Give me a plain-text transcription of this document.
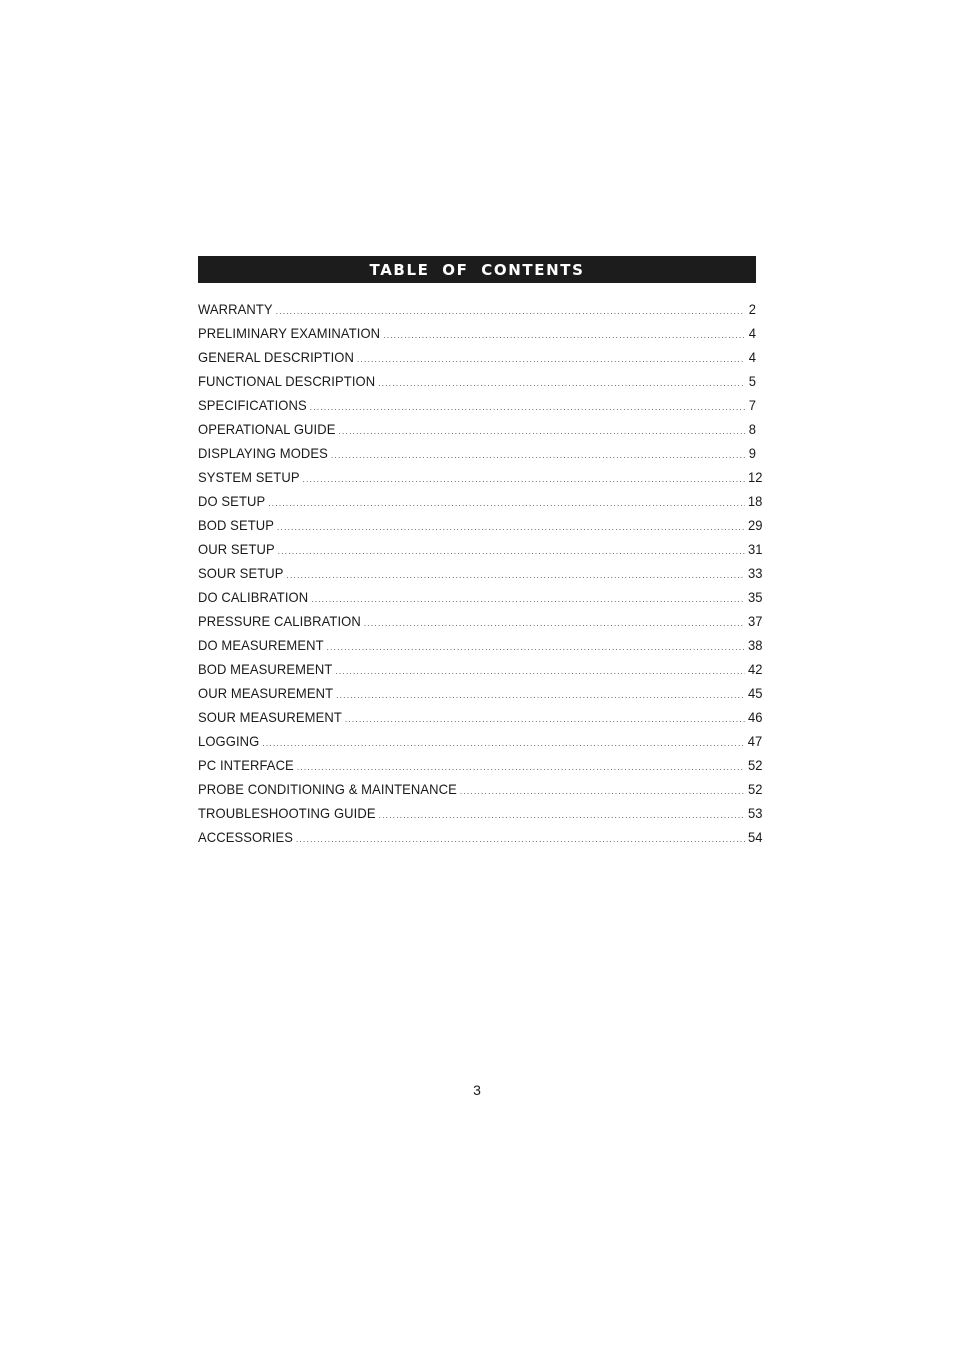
TABLE OF CONTENTS
WARRANTY .....	2
PRELIMINARY EXAMINATION .....	4
GENERAL DESCRIPTION .....	4
FUNCTIONAL DESCRIPTION .....	5
SPECIFICATIONS .....	7
OPERATIONAL GUIDE .....	8
DISPLAYING MODES .....	9
SYSTEM SETUP .....	12
DO SETUP .....	18
BOD SETUP .....	29
OUR SETUP .....	31
SOUR SETUP .....	33
DO CALIBRATION .....	35
PRESSURE CALIBRATION .....	37
DO MEASUREMENT .....	38
BOD MEASUREMENT .....	42
OUR MEASUREMENT .....	45
SOUR MEASUREMENT .....	46
LOGGING .....	47
PC INTERFACE .....	52
PROBE CONDITIONING & MAINTENANCE .....	52
TROUBLESHOOTING GUIDE .....	53
ACCESSORIES .....	54
3
